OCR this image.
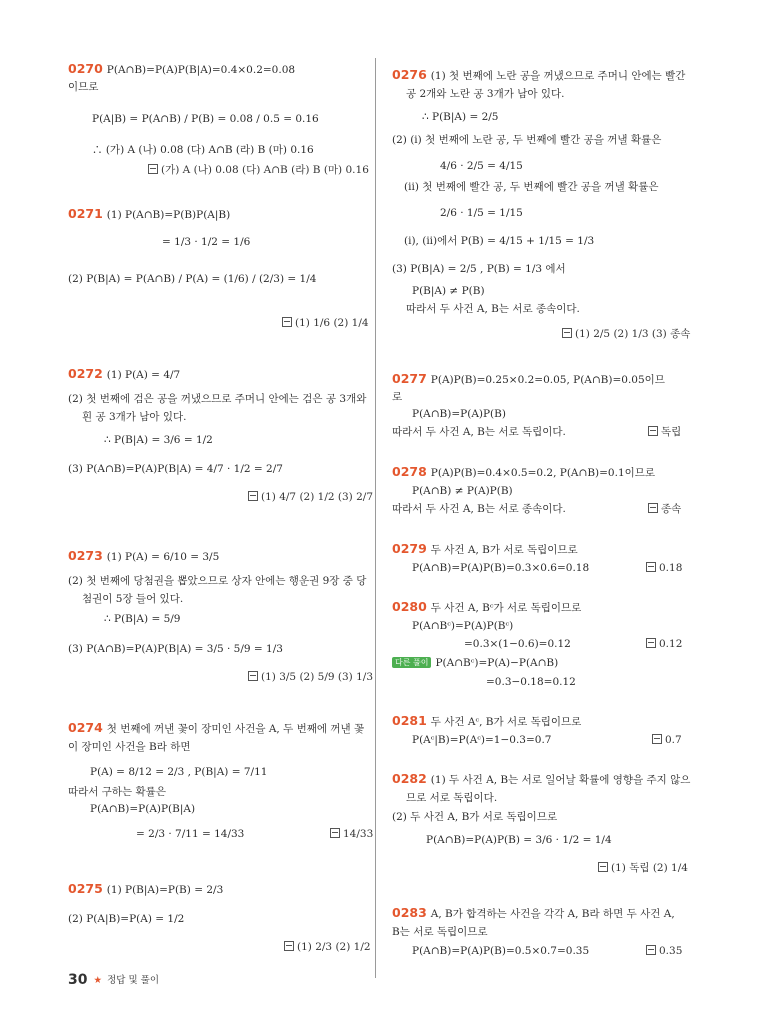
0270 P(A∩B)=P(A)P(B|A)=0.4×0.2=0.08
이므로
P(A|B) = P(A∩B) / P(B) = 0.08 / 0.5 = 0.16
∴ (가) A (나) 0.08 (다) A∩B (라) B (마) 0.16
(가) A (나) 0.08 (다) A∩B (라) B (마) 0.16
0271 (1) P(A∩B)=P(B)P(A|B)
= 1/3 · 1/2 = 1/6
(2) P(B|A) = P(A∩B) / P(A) = (1/6) / (2/3) = 1/4
(1) 1/6 (2) 1/4
0272 (1) P(A) = 4/7
(2) 첫 번째에 검은 공을 꺼냈으므로 주머니 안에는 검은 공 3개와
흰 공 3개가 남아 있다.
∴ P(B|A) = 3/6 = 1/2
(3) P(A∩B)=P(A)P(B|A) = 4/7 · 1/2 = 2/7
(1) 4/7 (2) 1/2 (3) 2/7
0273 (1) P(A) = 6/10 = 3/5
(2) 첫 번째에 당첨권을 뽑았으므로 상자 안에는 행운권 9장 중 당
첨권이 5장 들어 있다.
∴ P(B|A) = 5/9
(3) P(A∩B)=P(A)P(B|A) = 3/5 · 5/9 = 1/3
(1) 3/5 (2) 5/9 (3) 1/3
0274 첫 번째에 꺼낸 꽃이 장미인 사건을 A, 두 번째에 꺼낸 꽃
이 장미인 사건을 B라 하면
P(A) = 8/12 = 2/3 , P(B|A) = 7/11
따라서 구하는 확률은
P(A∩B)=P(A)P(B|A)
= 2/3 · 7/11 = 14/33	14/33
0275 (1) P(B|A)=P(B) = 2/3
(2) P(A|B)=P(A) = 1/2
(1) 2/3 (2) 1/2
0276 (1) 첫 번째에 노란 공을 꺼냈으므로 주머니 안에는 빨간
공 2개와 노란 공 3개가 남아 있다.
∴ P(B|A) = 2/5
(2) (i) 첫 번째에 노란 공, 두 번째에 빨간 공을 꺼낼 확률은
4/6 · 2/5 = 4/15
(ii) 첫 번째에 빨간 공, 두 번째에 빨간 공을 꺼낼 확률은
2/6 · 1/5 = 1/15
(i), (ii)에서 P(B) = 4/15 + 1/15 = 1/3
(3) P(B|A) = 2/5 , P(B) = 1/3 에서
P(B|A) ≠ P(B)
따라서 두 사건 A, B는 서로 종속이다.
(1) 2/5 (2) 1/3 (3) 종속
0277 P(A)P(B)=0.25×0.2=0.05, P(A∩B)=0.05이므
로
P(A∩B)=P(A)P(B)
따라서 두 사건 A, B는 서로 독립이다.	독립
0278 P(A)P(B)=0.4×0.5=0.2, P(A∩B)=0.1이므로
P(A∩B) ≠ P(A)P(B)
따라서 두 사건 A, B는 서로 종속이다.	종속
0279 두 사건 A, B가 서로 독립이므로
P(A∩B)=P(A)P(B)=0.3×0.6=0.18	0.18
0280 두 사건 A, Bᶜ가 서로 독립이므로
P(A∩Bᶜ)=P(A)P(Bᶜ)
=0.3×(1−0.6)=0.12	0.12
다른 풀이 P(A∩Bᶜ)=P(A)−P(A∩B)
=0.3−0.18=0.12
0281 두 사건 Aᶜ, B가 서로 독립이므로
P(Aᶜ|B)=P(Aᶜ)=1−0.3=0.7	0.7
0282 (1) 두 사건 A, B는 서로 일어날 확률에 영향을 주지 않으
므로 서로 독립이다.
(2) 두 사건 A, B가 서로 독립이므로
P(A∩B)=P(A)P(B) = 3/6 · 1/2 = 1/4
(1) 독립 (2) 1/4
0283 A, B가 합격하는 사건을 각각 A, B라 하면 두 사건 A,
B는 서로 독립이므로
P(A∩B)=P(A)P(B)=0.5×0.7=0.35	0.35
30 ★ 정답 및 풀이
